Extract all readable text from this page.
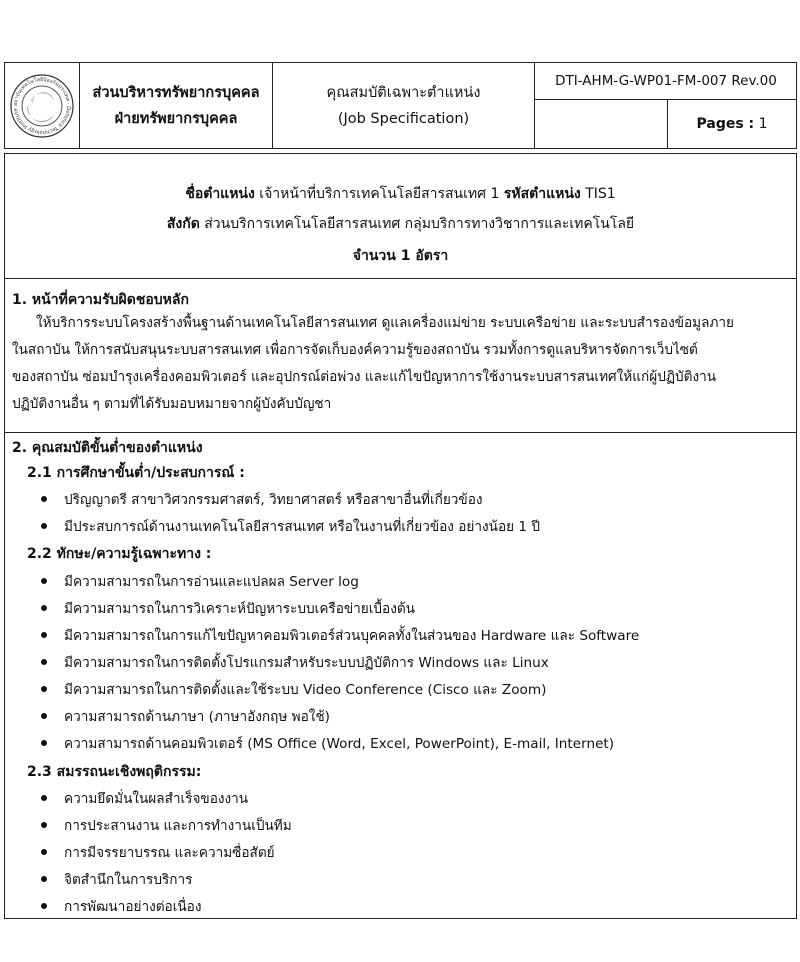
สถาบันเทคโนโลยีป้องกันประเทศ · Defence Technology Institute
ส่วนบริหารทรัพยากรบุคคล
ฝ่ายทรัพยากรบุคคล
คุณสมบัติเฉพาะตำแหน่ง
(Job Specification)
DTI-AHM-G-WP01-FM-007 Rev.00
Pages :
1
ชื่อตำแหน่ง เจ้าหน้าที่บริการเทคโนโลยีสารสนเทศ 1 รหัสตำแหน่ง TIS1
สังกัด ส่วนบริการเทคโนโลยีสารสนเทศ กลุ่มบริการทางวิชาการและเทคโนโลยี
จำนวน 1 อัตรา
1. หน้าที่ความรับผิดชอบหลัก
ให้บริการระบบโครงสร้างพื้นฐานด้านเทคโนโลยีสารสนเทศ ดูแลเครื่องแม่ข่าย ระบบเครือข่าย และระบบสำรองข้อมูลภาย
ในสถาบัน ให้การสนับสนุนระบบสารสนเทศ เพื่อการจัดเก็บองค์ความรู้ของสถาบัน รวมทั้งการดูแลบริหารจัดการเว็บไซต์
ของสถาบัน ซ่อมบำรุงเครื่องคอมพิวเตอร์ และอุปกรณ์ต่อพ่วง และแก้ไขปัญหาการใช้งานระบบสารสนเทศให้แก่ผู้ปฏิบัติงาน
ปฏิบัติงานอื่น ๆ ตามที่ได้รับมอบหมายจากผู้บังคับบัญชา
2. คุณสมบัติขั้นต่ำของตำแหน่ง
2.1 การศึกษาขั้นต่ำ/ประสบการณ์ :
ปริญญาตรี สาขาวิศวกรรมศาสตร์, วิทยาศาสตร์ หรือสาขาอื่นที่เกี่ยวข้อง
มีประสบการณ์ด้านงานเทคโนโลยีสารสนเทศ หรือในงานที่เกี่ยวข้อง อย่างน้อย 1 ปี
2.2 ทักษะ/ความรู้เฉพาะทาง :
มีความสามารถในการอ่านและแปลผล Server log
มีความสามารถในการวิเคราะห์ปัญหาระบบเครือข่ายเบื้องต้น
มีความสามารถในการแก้ไขปัญหาคอมพิวเตอร์ส่วนบุคคลทั้งในส่วนของ Hardware และ Software
มีความสามารถในการติดตั้งโปรแกรมสำหรับระบบปฏิบัติการ Windows และ Linux
มีความสามารถในการติดตั้งและใช้ระบบ Video Conference (Cisco และ Zoom)
ความสามารถด้านภาษา (ภาษาอังกฤษ พอใช้)
ความสามารถด้านคอมพิวเตอร์ (MS Office (Word, Excel, PowerPoint), E-mail, Internet)
2.3 สมรรถนะเชิงพฤติกรรม:
ความยึดมั่นในผลสำเร็จของงาน
การประสานงาน และการทำงานเป็นทีม
การมีจรรยาบรรณ และความซื่อสัตย์
จิตสำนึกในการบริการ
การพัฒนาอย่างต่อเนื่อง
